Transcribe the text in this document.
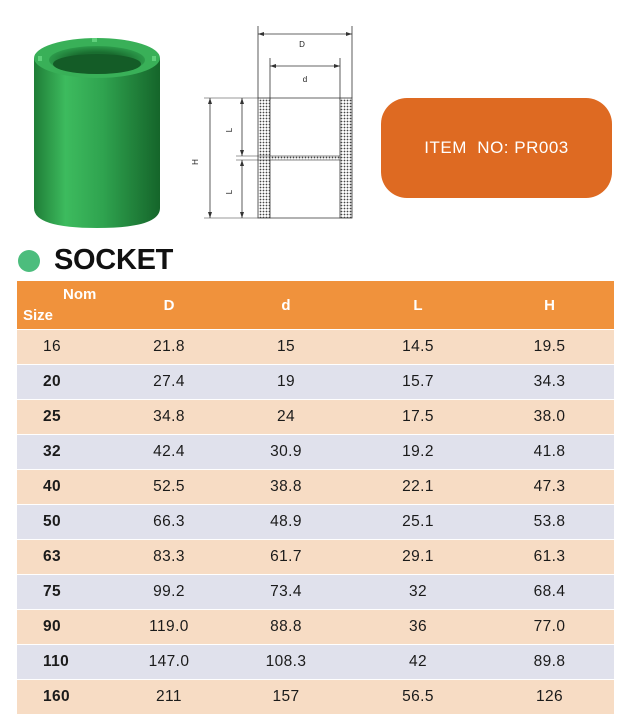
D
d
H
L
L
ITEM  NO: PR003
SOCKET
Nom
Size	D	d	L	H
16	21.8	15	14.5	19.5
20	27.4	19	15.7	34.3
25	34.8	24	17.5	38.0
32	42.4	30.9	19.2	41.8
40	52.5	38.8	22.1	47.3
50	66.3	48.9	25.1	53.8
63	83.3	61.7	29.1	61.3
75	99.2	73.4	32	68.4
90	119.0	88.8	36	77.0
110	147.0	108.3	42	89.8
160	211	157	56.5	126
